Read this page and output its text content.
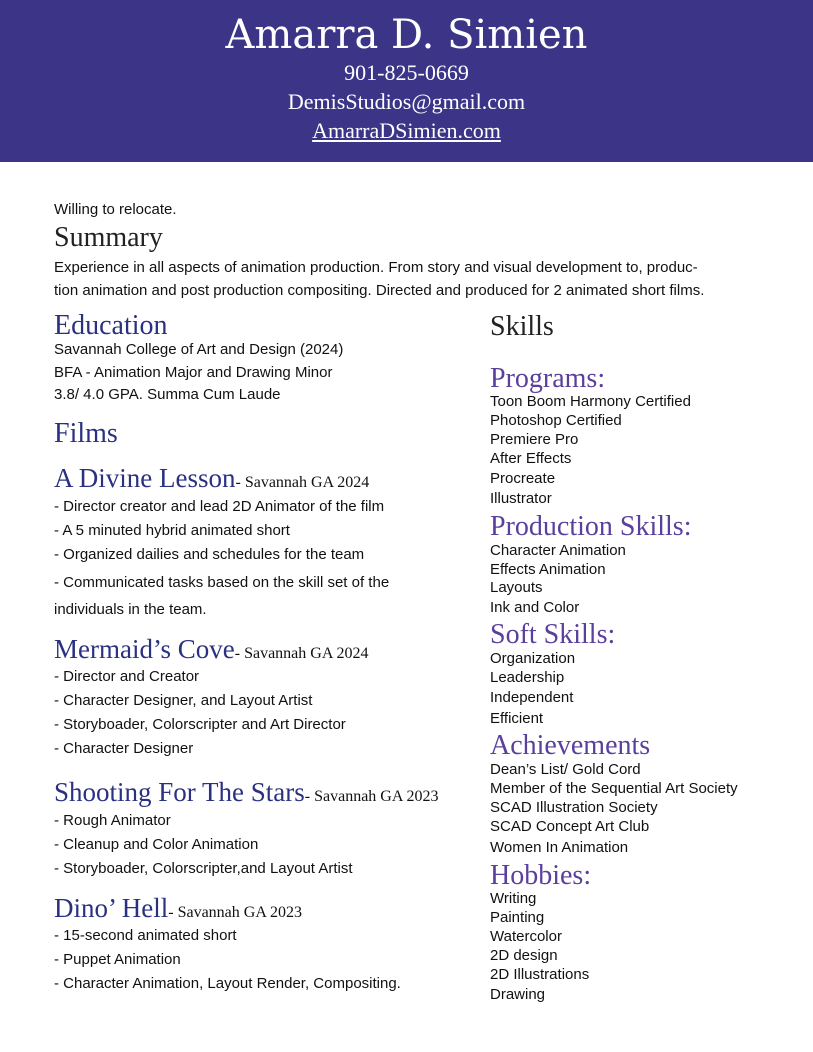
Amarra D. Simien
901-825-0669
DemisStudios@gmail.com
AmarraDSimien.com
Willing to relocate.
Summary
Experience in all aspects of animation production. From story and visual development to, produc-
tion animation and post production compositing. Directed and produced for 2 animated short films.
Education
Savannah College of Art and Design (2024)
BFA - Animation Major and Drawing Minor
3.8/ 4.0 GPA. Summa Cum Laude
Films
A Divine Lesson- Savannah GA 2024
- Director creator and lead 2D Animator of the film
- A 5 minuted hybrid animated short
- Organized dailies and schedules for the team
- Communicated tasks based on the skill set of the
individuals in the team.
Mermaid’s Cove- Savannah GA 2024
- Director and Creator
- Character Designer, and Layout Artist
- Storyboader, Colorscripter and Art Director
- Character Designer
Shooting For The Stars- Savannah GA 2023
- Rough Animator
- Cleanup and Color Animation
- Storyboader, Colorscripter,and Layout Artist
Dino’ Hell- Savannah GA 2023
- 15-second animated short
- Puppet Animation
- Character Animation, Layout Render, Compositing.
Skills
Programs:
Toon Boom Harmony Certified
Photoshop Certified
Premiere Pro
After Effects
Procreate
Illustrator
Production Skills:
Character Animation
Effects Animation
Layouts
Ink and Color
Soft Skills:
Organization
Leadership
Independent
Efficient
Achievements
Dean’s List/ Gold Cord
Member of the Sequential Art Society
SCAD Illustration Society
SCAD Concept Art Club
Women In Animation
Hobbies:
Writing
Painting
Watercolor
2D design
2D Illustrations
Drawing
